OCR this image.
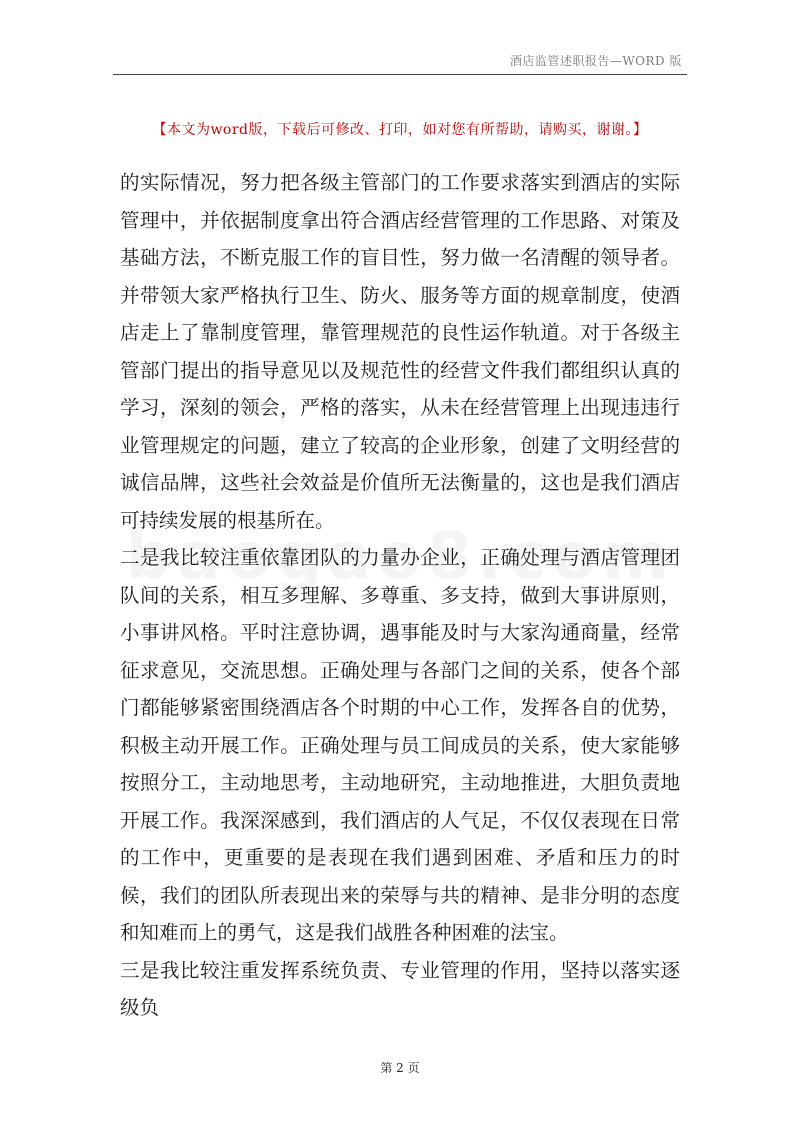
酒店监管述职报告—WORD 版
【本文为word版，下载后可修改、打印，如对您有所帮助，请购买，谢谢。】

的实际情况，努力把各级主管部门的工作要求落实到酒店的实际管理中，并依据制度拿出符合酒店经营管理的工作思路、对策及基础方法，不断克服工作的盲目性，努力做一名清醒的领导者。并带领大家严格执行卫生、防火、服务等方面的规章制度，使酒店走上了靠制度管理，靠管理规范的良性运作轨道。对于各级主管部门提出的指导意见以及规范性的经营文件我们都组织认真的学习，深刻的领会，严格的落实，从未在经营管理上出现违违行业管理规定的问题，建立了较高的企业形象，创建了文明经营的诚信品牌，这些社会效益是价值所无法衡量的，这也是我们酒店可持续发展的根基所在。

二是我比较注重依靠团队的力量办企业，正确处理与酒店管理团队间的关系，相互多理解、多尊重、多支持，做到大事讲原则，小事讲风格。平时注意协调，遇事能及时与大家沟通商量，经常征求意见，交流思想。正确处理与各部门之间的关系，使各个部门都能够紧密围绕酒店各个时期的中心工作，发挥各自的优势，积极主动开展工作。正确处理与员工间成员的关系，使大家能够按照分工，主动地思考，主动地研究，主动地推进，大胆负责地开展工作。我深深感到，我们酒店的人气足，不仅仅表现在日常的工作中，更重要的是表现在我们遇到困难、矛盾和压力的时候，我们的团队所表现出来的荣辱与共的精神、是非分明的态度和知难而上的勇气，这是我们战胜各种困难的法宝。

三是我比较注重发挥系统负责、专业管理的作用，坚持以落实逐级负

第 2 页
